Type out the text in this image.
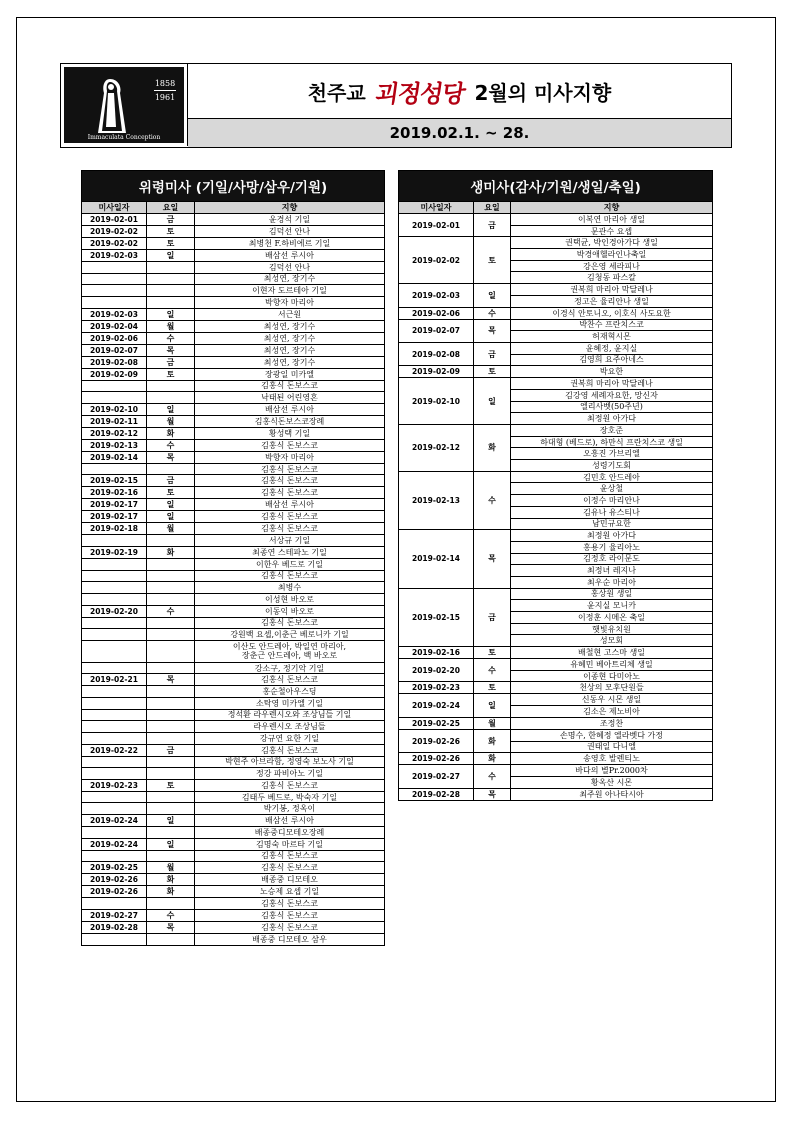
1858
1961
Immaculata Conception
천주교 괴정성당 2월의 미사지향
2019.02.1. ~ 28.
위령미사 (기일/사망/삼우/기원)		
미사일자	요일	지향
2019-02-01	금	윤경석 기일

2019-02-02	토	김덕선 안나

2019-02-02	토	최병천 F.하비에르 기일

2019-02-03	일	배삼선 루시아

		김덕선 안나

		최성연, 장기수

		이현자 도르테아 기일

		박향자 마리아

2019-02-03	일	서근원

2019-02-04	월	최성연, 장기수

2019-02-06	수	최성연, 장기수

2019-02-07	목	최성연, 장기수

2019-02-08	금	최성연, 장기수

2019-02-09	토	장광일 미카엘

		김홍식 돈보스코

		낙태된 어린영혼

2019-02-10	일	배삼선 루시아

2019-02-11	월	김홍식돈보스코장례

2019-02-12	화	황성택 기일

2019-02-13	수	김홍식 돈보스코

2019-02-14	목	박향자 마리아

		김홍식 돈보스코

2019-02-15	금	김홍식 돈보스코

2019-02-16	토	김홍식 돈보스코

2019-02-17	일	배삼선 루시아

2019-02-17	일	김홍식 돈보스코

2019-02-18	월	김홍식 돈보스코

		서상규 기일

2019-02-19	화	최종연 스테파노 기일

		이한우 베드로 기일

		김홍식 돈보스코

		최병수

		이성현 바오로

2019-02-20	수	이동익 바오로

		김홍식 돈보스코

		강원백 요셉,이춘근 베로니카 기일

		이산도 안드레아, 박일연 마리아,
장춘근 안드레아, 백 바오로

		강소구, 정기악 기일

2019-02-21	목	김홍식 돈보스코

		홍순철아우스딩

		소탁영 미카엘 기일

		정석환 라우렌시오와 조상님들 기일

		라우렌시오 조상님들

		강규연 요한 기일

2019-02-22	금	김홍식 돈보스코

		박현주 아브라함, 정영숙 보노사 기일

		정강 파비아노 기일

2019-02-23	토	김홍식 돈보스코

		김태두 베드로, 박숙자 기일

		박기봉, 정옥이

2019-02-24	일	배삼선 루시아

		배종중디모테오장례

2019-02-24	일	김명숙 마르타 기일

		김홍식 돈보스코

2019-02-25	월	김홍식 돈보스코

2019-02-26	화	배종중 디모테오

2019-02-26	화	노승제 요셉 기일

		김홍식 돈보스코

2019-02-27	수	김홍식 돈보스코

2019-02-28	목	김홍식 돈보스코

		배종중 디모테오 삼우
생미사(감사/기원/생일/축일)		
미사일자	요일	지향
2019-02-01	금	이복연 마리아 생일
		문관수 요셉
2019-02-02	토	권택균, 박인경아가다 생일
		박경애헬라인나축일
		강은영 세라피나
		김청동 파스칼
2019-02-03	일	권복희 마리아 막달레나
		정고은 율리안나 생일
2019-02-06	수	이경식 안토니오, 이호식 사도요한
2019-02-07	목	박찬수 프란치스코
		허재혁시몬
2019-02-08	금	윤혜정, 윤지실
		김영희 요주아네스
2019-02-09	토	박요한
2019-02-10	일	권복희 마리아 막달레나
		김강영 세례자요한, 망신자
		엘리사벳(50주년)
		최정원 아가다
2019-02-12	화	장호준
		하대형 (베드로), 하만식 프란치스코 생일
		오흥진 가브리엘
		성령기도회
2019-02-13	수	김민호 안드레아
		윤상철
		이정수 마리안나
		김유나 유스티나
		남민규요한
2019-02-14	목	최정원 아가다
		홍용기 율리아노
		김정호 라이문도
		최정녀 레지나
		최우순 마리아
2019-02-15	금	홍상원 생일
		윤지실 모니카
		이정훈 시메온 축일
		햇빛유치원
		성모회
2019-02-16	토	배철현 고스마 생일
2019-02-20	수	유혜민 베아트리체 생일
		이종현 다미아노
2019-02-23	토	천상의 모후단원들
2019-02-24	일	신동우 시몬 생일
		김소은 제노비아
2019-02-25	월	조정찬
2019-02-26	화	손명수, 한혜정 엘라벳다 가정
		권태일 다니엘
2019-02-26	화	송영호 발렌티노
2019-02-27	수	바다의 별Pr.2000차
		황옥산 시몬
2019-02-28	목	최주원 아나타시아
